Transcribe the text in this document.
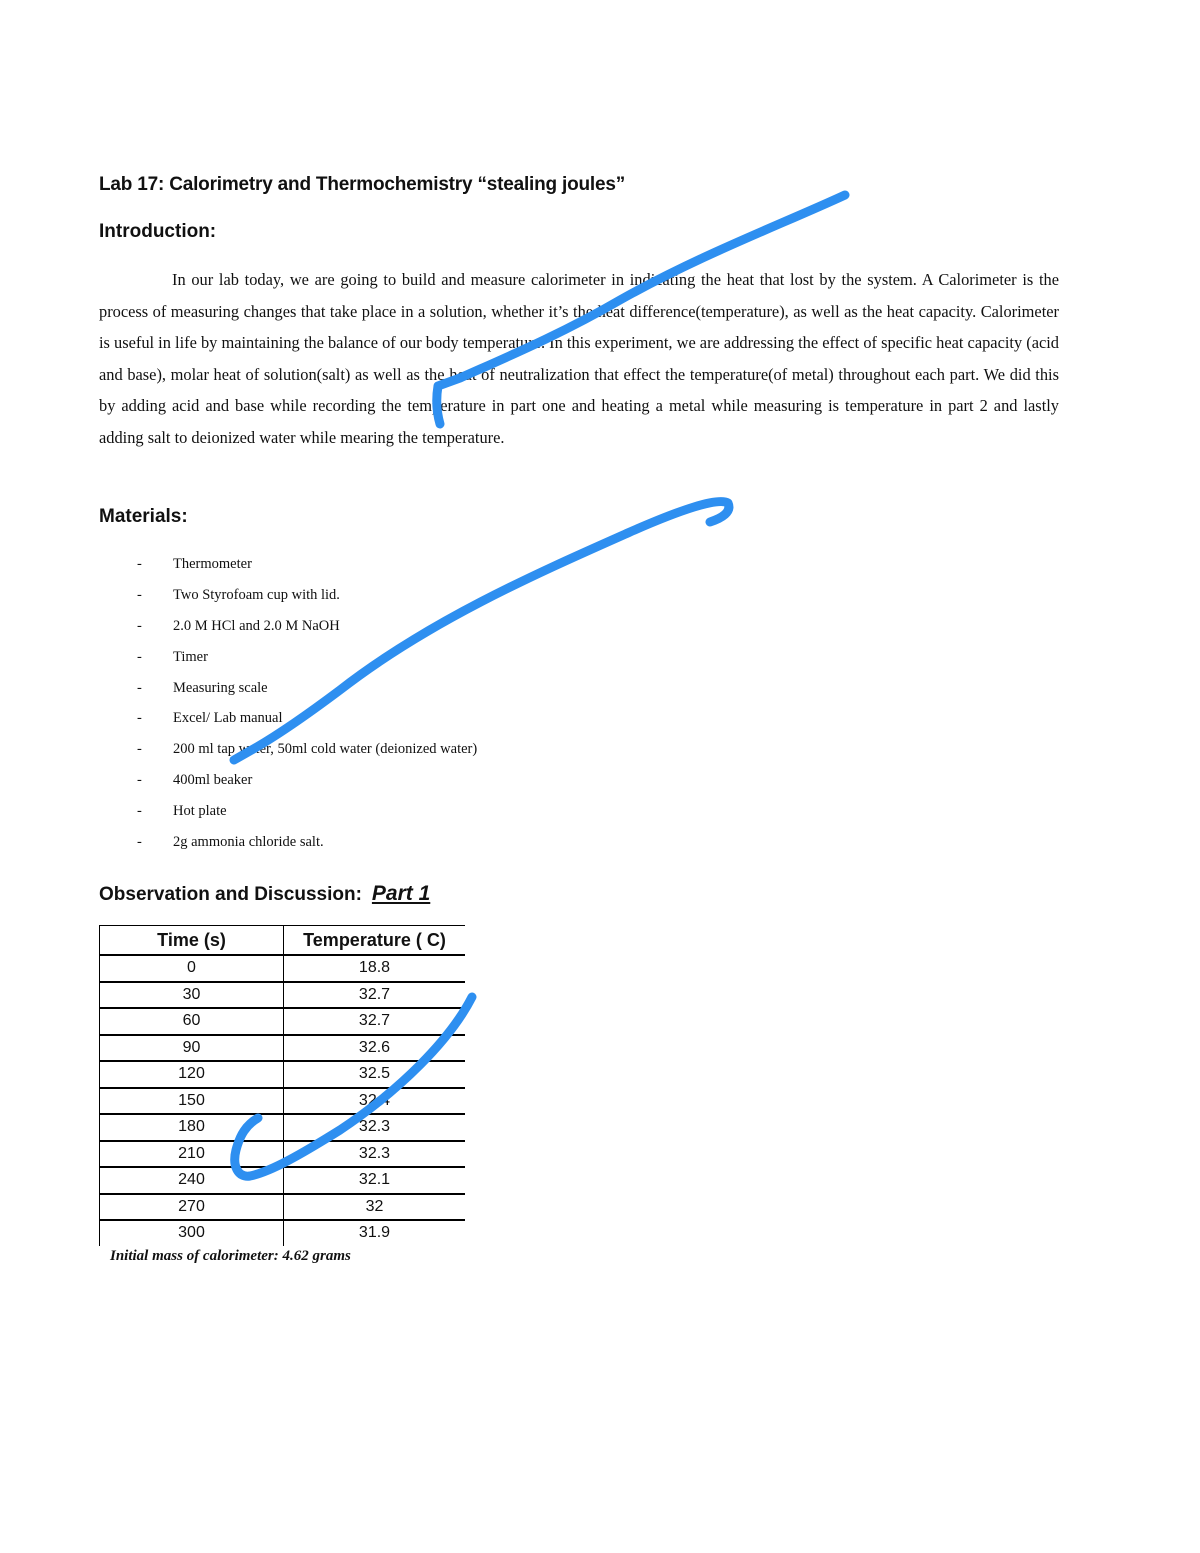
Lab 17: Calorimetry and Thermochemistry “stealing joules”
Introduction:

In our lab today, we are going to build and measure calorimeter in indicating the heat that lost by the system. A Calorimeter is the process of measuring changes that take place in a solution, whether it’s the heat difference(temperature), as well as the heat capacity. Calorimeter is useful in life by maintaining the balance of our body temperature. In this experiment, we are addressing the effect of specific heat capacity (acid and base), molar heat of solution(salt) as well as the heat of neutralization that effect the temperature(of metal) throughout each part. We did this by adding acid and base while recording the temperature in part one and heating a metal while measuring is temperature in part 2 and lastly adding salt to deionized water while mearing the temperature.

Materials:
- Thermometer
- Two Styrofoam cup with lid.
- 2.0 M HCl and 2.0 M NaOH
- Timer
- Measuring scale
- Excel/ Lab manual
- 200 ml tap water, 50ml cold water (deionized water)
- 400ml beaker
- Hot plate
- 2g ammonia chloride salt.
Observation and Discussion: Part 1
Time (s)	Temperature ( C)
0	18.8
30	32.7
60	32.7
90	32.6
120	32.5
150	32.4
180	32.3
210	32.3
240	32.1
270	32
300	31.9
Initial mass of calorimeter: 4.62 grams
